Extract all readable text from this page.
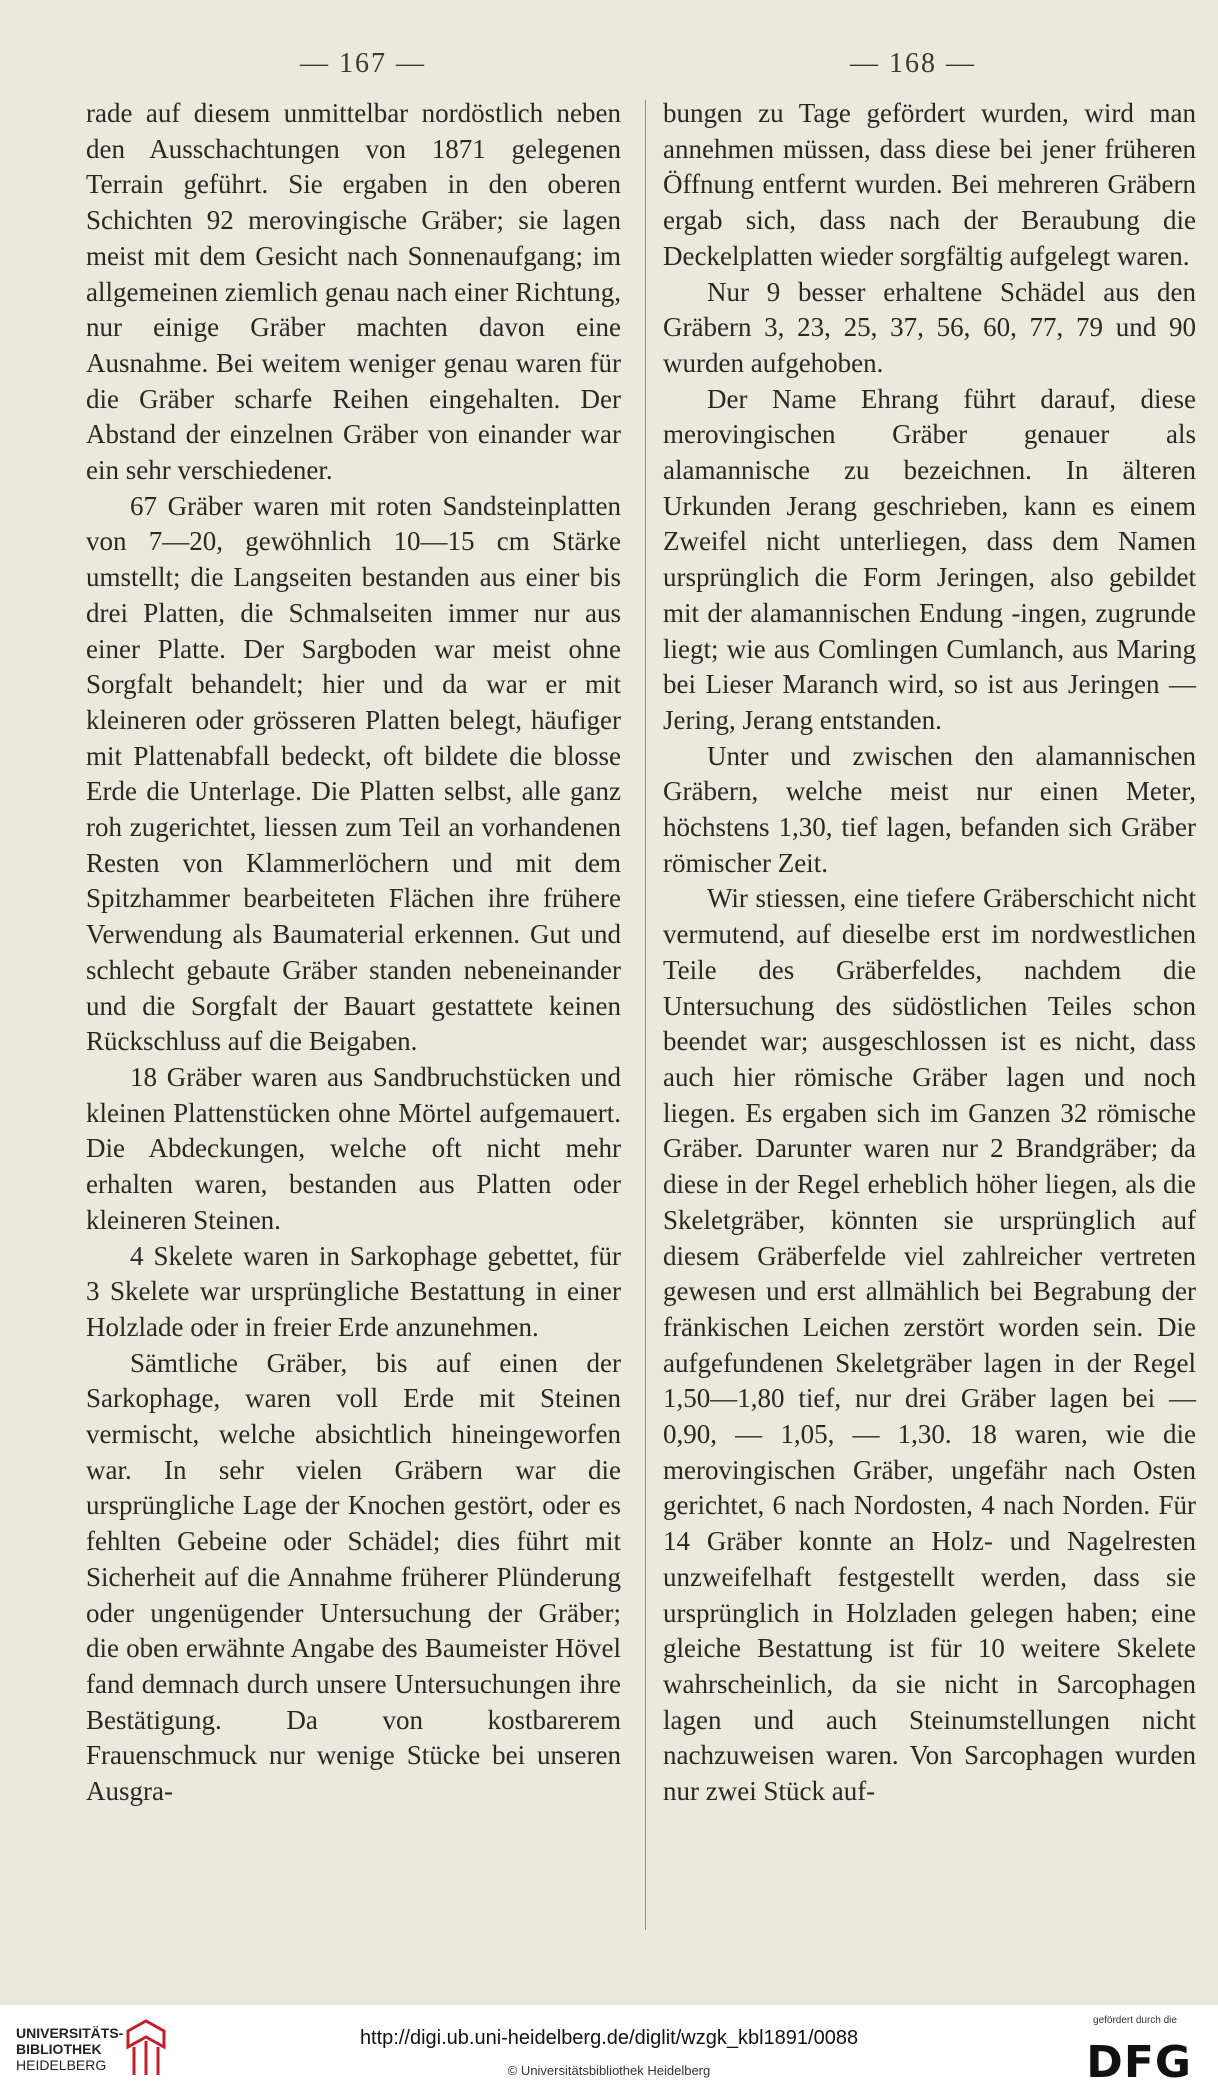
— 167 —	— 168 —

rade auf diesem unmittelbar nordöstlich neben den Ausschachtungen von 1871 gelegenen Terrain geführt. Sie ergaben in den oberen Schichten 92 merovingische Gräber; sie lagen meist mit dem Gesicht nach Sonnenaufgang; im allgemeinen ziemlich genau nach einer Richtung, nur einige Gräber machten davon eine Ausnahme. Bei weitem weniger genau waren für die Gräber scharfe Reihen eingehalten. Der Abstand der einzelnen Gräber von einander war ein sehr verschiedener.

67 Gräber waren mit roten Sandsteinplatten von 7—20, gewöhnlich 10—15 cm Stärke umstellt; die Langseiten bestanden aus einer bis drei Platten, die Schmalseiten immer nur aus einer Platte. Der Sargboden war meist ohne Sorgfalt behandelt; hier und da war er mit kleineren oder grösseren Platten belegt, häufiger mit Plattenabfall bedeckt, oft bildete die blosse Erde die Unterlage. Die Platten selbst, alle ganz roh zugerichtet, liessen zum Teil an vorhandenen Resten von Klammerlöchern und mit dem Spitzhammer bearbeiteten Flächen ihre frühere Verwendung als Baumaterial erkennen. Gut und schlecht gebaute Gräber standen nebeneinander und die Sorgfalt der Bauart gestattete keinen Rückschluss auf die Beigaben.

18 Gräber waren aus Sandbruchstücken und kleinen Plattenstücken ohne Mörtel aufgemauert. Die Abdeckungen, welche oft nicht mehr erhalten waren, bestanden aus Platten oder kleineren Steinen.

4 Skelete waren in Sarkophage gebettet, für 3 Skelete war ursprüngliche Bestattung in einer Holzlade oder in freier Erde anzunehmen.

Sämtliche Gräber, bis auf einen der Sarkophage, waren voll Erde mit Steinen vermischt, welche absichtlich hineingeworfen war. In sehr vielen Gräbern war die ursprüngliche Lage der Knochen gestört, oder es fehlten Gebeine oder Schädel; dies führt mit Sicherheit auf die Annahme früherer Plünderung oder ungenügender Untersuchung der Gräber; die oben erwähnte Angabe des Baumeister Hövel fand demnach durch unsere Untersuchungen ihre Bestätigung. Da von kostbarerem Frauenschmuck nur wenige Stücke bei unseren Ausgra-

bungen zu Tage gefördert wurden, wird man annehmen müssen, dass diese bei jener früheren Öffnung entfernt wurden. Bei mehreren Gräbern ergab sich, dass nach der Beraubung die Deckelplatten wieder sorgfältig aufgelegt waren.

Nur 9 besser erhaltene Schädel aus den Gräbern 3, 23, 25, 37, 56, 60, 77, 79 und 90 wurden aufgehoben.

Der Name Ehrang führt darauf, diese merovingischen Gräber genauer als alamannische zu bezeichnen. In älteren Urkunden Jerang geschrieben, kann es einem Zweifel nicht unterliegen, dass dem Namen ursprünglich die Form Jeringen, also gebildet mit der alamannischen Endung -ingen, zugrunde liegt; wie aus Comlingen Cumlanch, aus Maring bei Lieser Maranch wird, so ist aus Jeringen — Jering, Jerang entstanden.

Unter und zwischen den alamannischen Gräbern, welche meist nur einen Meter, höchstens 1,30, tief lagen, befanden sich Gräber römischer Zeit.

Wir stiessen, eine tiefere Gräberschicht nicht vermutend, auf dieselbe erst im nordwestlichen Teile des Gräberfeldes, nachdem die Untersuchung des südöstlichen Teiles schon beendet war; ausgeschlossen ist es nicht, dass auch hier römische Gräber lagen und noch liegen. Es ergaben sich im Ganzen 32 römische Gräber. Darunter waren nur 2 Brandgräber; da diese in der Regel erheblich höher liegen, als die Skeletgräber, könnten sie ursprünglich auf diesem Gräberfelde viel zahlreicher vertreten gewesen und erst allmählich bei Begrabung der fränkischen Leichen zerstört worden sein. Die aufgefundenen Skeletgräber lagen in der Regel 1,50—1,80 tief, nur drei Gräber lagen bei — 0,90, — 1,05, — 1,30. 18 waren, wie die merovingischen Gräber, ungefähr nach Osten gerichtet, 6 nach Nordosten, 4 nach Norden. Für 14 Gräber konnte an Holz- und Nagelresten unzweifelhaft festgestellt werden, dass sie ursprünglich in Holzladen gelegen haben; eine gleiche Bestattung ist für 10 weitere Skelete wahrscheinlich, da sie nicht in Sarcophagen lagen und auch Steinumstellungen nicht nachzuweisen waren. Von Sarcophagen wurden nur zwei Stück auf-

UNIVERSITÄTS-
BIBLIOTHEK
HEIDELBERG
http://digi.ub.uni-heidelberg.de/diglit/wzgk_kbl1891/0088
© Universitätsbibliothek Heidelberg
gefördert durch die
DFG
